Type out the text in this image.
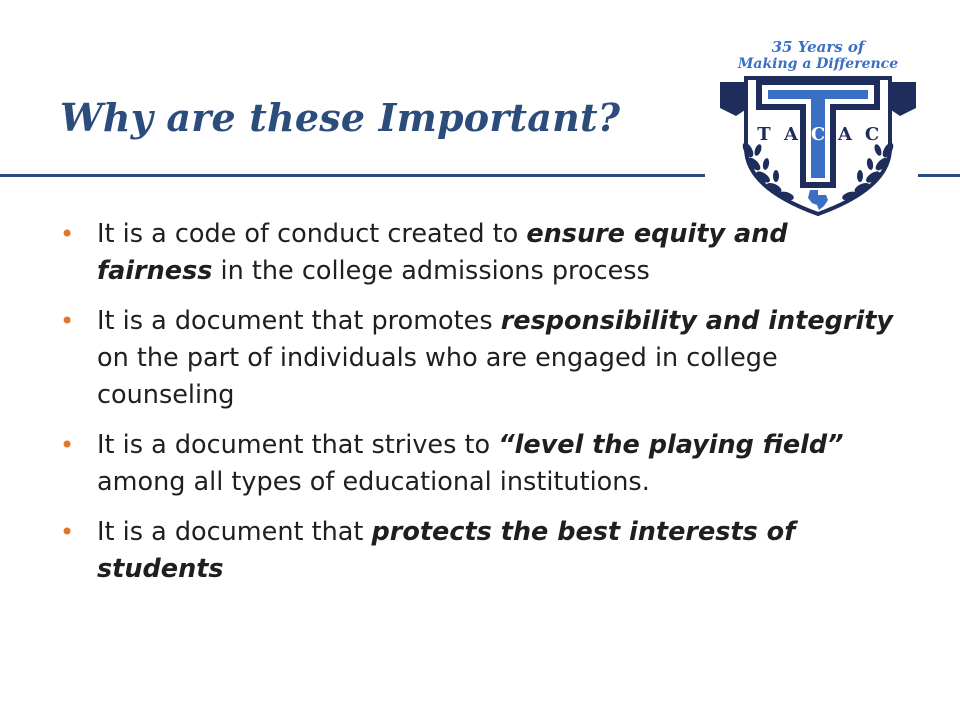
Why are these Important?
35 Years of
Making a Difference
T A C A C
• It is a code of conduct created to ensure equity and fairness in the college admissions process
• It is a document that promotes responsibility and integrity on the part of individuals who are engaged in college counseling
• It is a document that strives to “level the playing field” among all types of educational institutions.
• It is a document that protects the best interests of students
